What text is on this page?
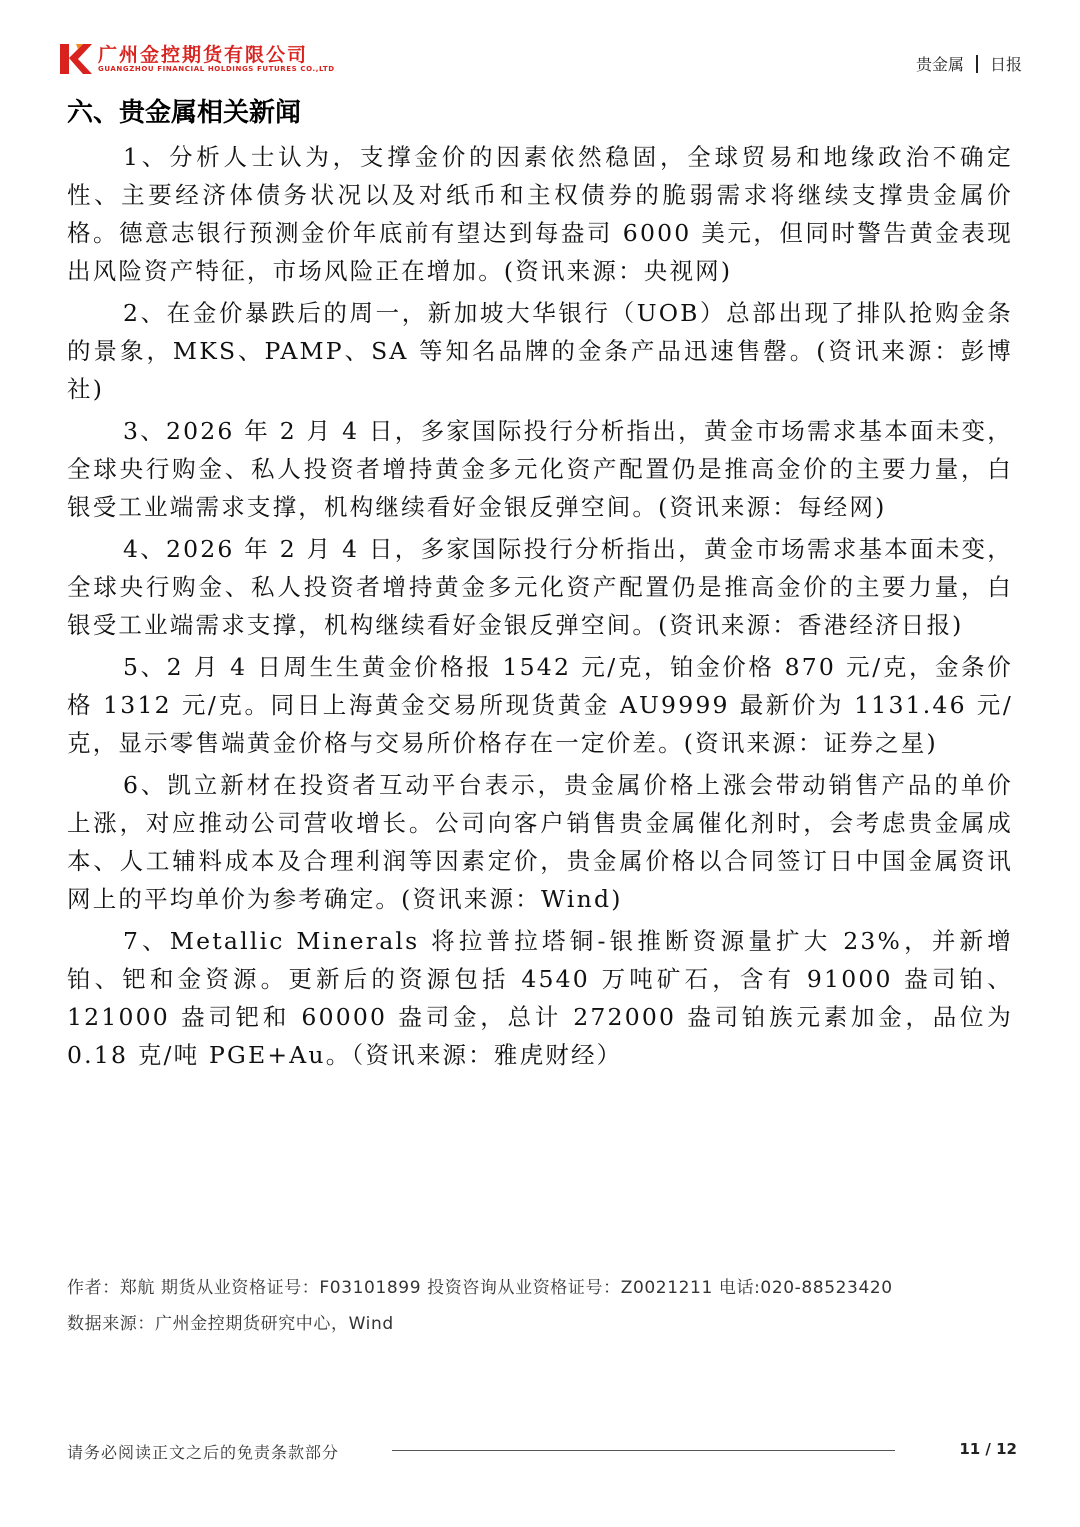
广州金控期货有限公司
GUANGZHOU FINANCIAL HOLDINGS FUTURES CO.,LTD	贵金属 日报
六、贵金属相关新闻

1、分析人士认为，支撑金价的因素依然稳固，全球贸易和地缘政治不确定性、主要经济体债务状况以及对纸币和主权债券的脆弱需求将继续支撑贵金属价格。德意志银行预测金价年底前有望达到每盎司 6000 美元，但同时警告黄金表现出风险资产特征，市场风险正在增加。(资讯来源：央视网)

2、在金价暴跌后的周一，新加坡大华银行（UOB）总部出现了排队抢购金条的景象，MKS、PAMP、SA 等知名品牌的金条产品迅速售罄。(资讯来源：彭博社)

3、2026 年 2 月 4 日，多家国际投行分析指出，黄金市场需求基本面未变，全球央行购金、私人投资者增持黄金多元化资产配置仍是推高金价的主要力量，白银受工业端需求支撑，机构继续看好金银反弹空间。(资讯来源：每经网)

4、2026 年 2 月 4 日，多家国际投行分析指出，黄金市场需求基本面未变，全球央行购金、私人投资者增持黄金多元化资产配置仍是推高金价的主要力量，白银受工业端需求支撑，机构继续看好金银反弹空间。(资讯来源：香港经济日报)

5、2 月 4 日周生生黄金价格报 1542 元/克，铂金价格 870 元/克，金条价格 1312 元/克。同日上海黄金交易所现货黄金 AU9999 最新价为 1131.46 元/克，显示零售端黄金价格与交易所价格存在一定价差。(资讯来源：证券之星)

6、凯立新材在投资者互动平台表示，贵金属价格上涨会带动销售产品的单价上涨，对应推动公司营收增长。公司向客户销售贵金属催化剂时，会考虑贵金属成本、人工辅料成本及合理利润等因素定价，贵金属价格以合同签订日中国金属资讯网上的平均单价为参考确定。(资讯来源：Wind)

7、Metallic Minerals 将拉普拉塔铜-银推断资源量扩大 23%，并新增铂、钯和金资源。更新后的资源包括 4540 万吨矿石，含有 91000 盎司铂、121000 盎司钯和 60000 盎司金，总计 272000 盎司铂族元素加金，品位为 0.18 克/吨 PGE+Au。（资讯来源：雅虎财经）

作者：郑航 期货从业资格证号：F03101899 投资咨询从业资格证号：Z0021211 电话:020-88523420
数据来源：广州金控期货研究中心，Wind
请务必阅读正文之后的免责条款部分	11 / 12
